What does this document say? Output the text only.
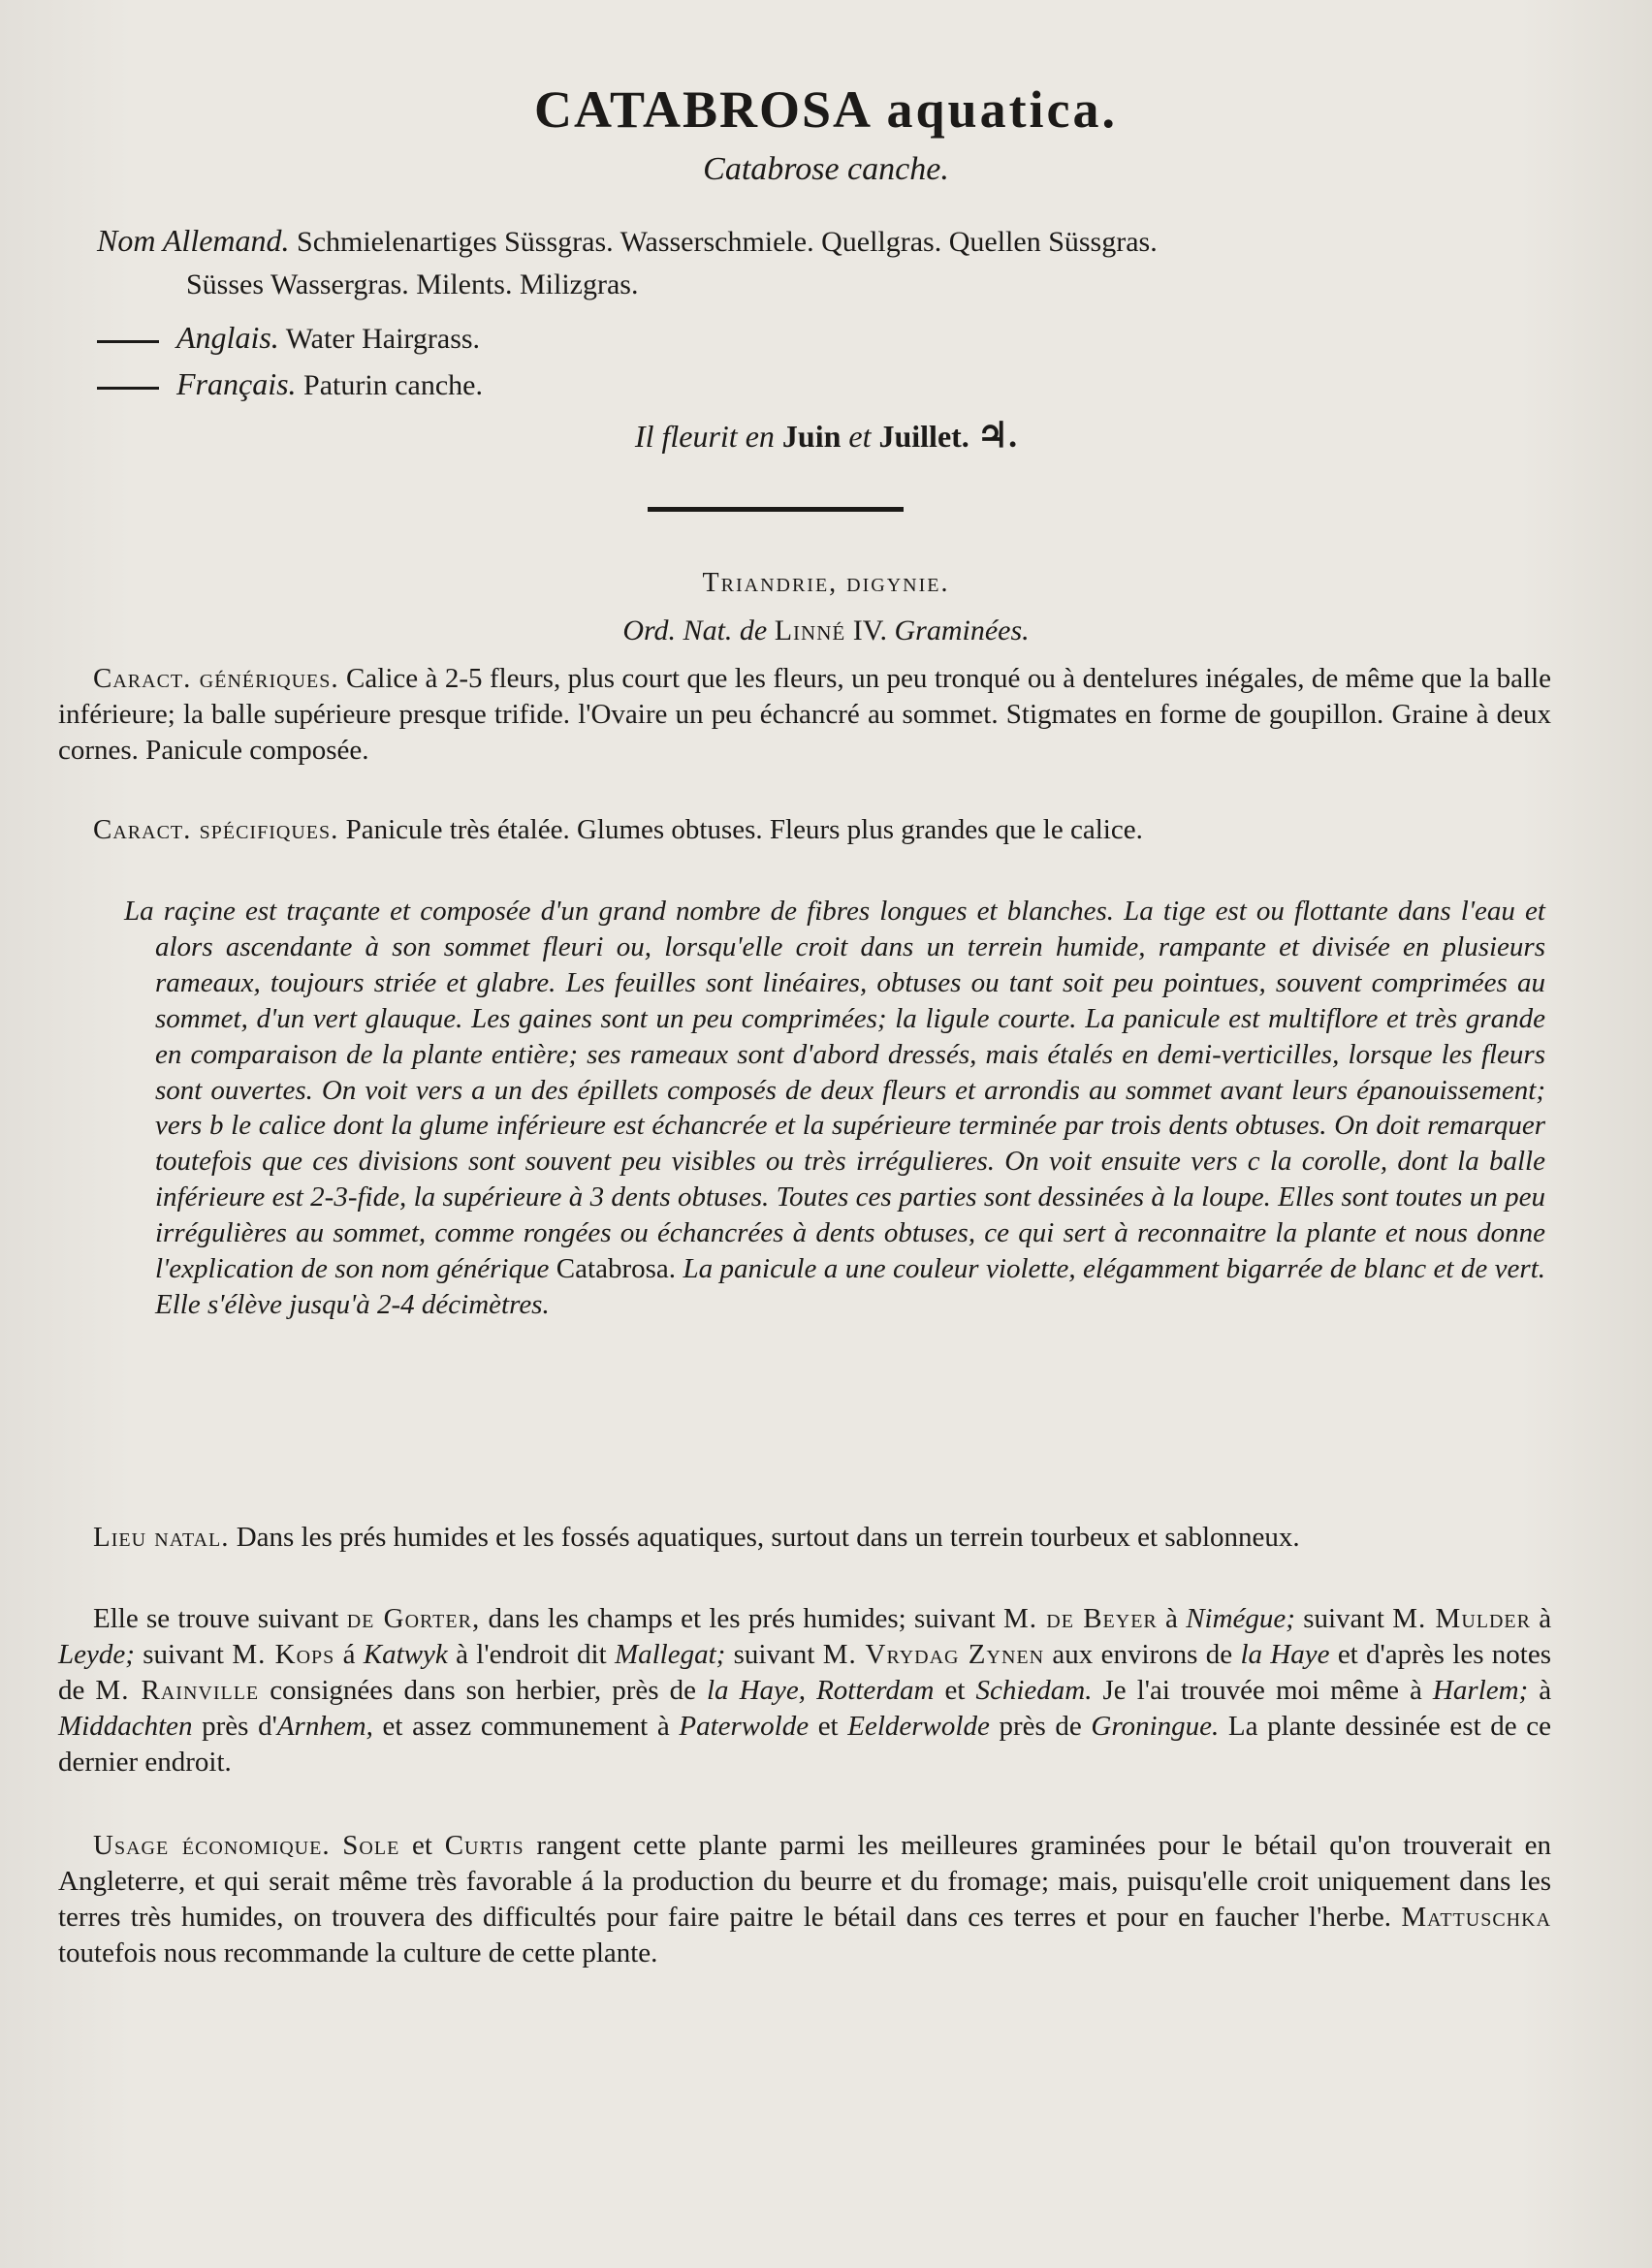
CATABROSA aquatica.
Catabrose canche.
Nom Allemand. Schmielenartiges Süssgras. Wasserschmiele. Quellgras. Quellen Süssgras.
Süsses Wassergras. Milents. Milizgras.
Anglais. Water Hairgrass.
Français. Paturin canche.
Il fleurit en Juin et Juillet. ♃.
Triandrie, digynie.
Ord. Nat. de Linné IV. Graminées.
Caract. génériques. Calice à 2-5 fleurs, plus court que les fleurs, un peu tronqué ou à dentelures inégales, de même que la balle inférieure; la balle supérieure presque trifide. l'Ovaire un peu échancré au sommet. Stigmates en forme de goupillon. Graine à deux cornes. Panicule composée.
Caract. spécifiques. Panicule très étalée. Glumes obtuses. Fleurs plus grandes que le calice.
La raçine est traçante et composée d'un grand nombre de fibres longues et blanches. La tige est ou flottante dans l'eau et alors ascendante à son sommet fleuri ou, lorsqu'elle croit dans un terrein humide, rampante et divisée en plusieurs rameaux, toujours striée et glabre. Les feuilles sont linéaires, obtuses ou tant soit peu pointues, souvent comprimées au sommet, d'un vert glauque. Les gaines sont un peu comprimées; la ligule courte. La panicule est multiflore et très grande en comparaison de la plante entière; ses rameaux sont d'abord dressés, mais étalés en demi-verticilles, lorsque les fleurs sont ouvertes. On voit vers a un des épillets composés de deux fleurs et arrondis au sommet avant leurs épanouissement; vers b le calice dont la glume inférieure est échancrée et la supérieure terminée par trois dents obtuses. On doit remarquer toutefois que ces divisions sont souvent peu visibles ou très irrégulieres. On voit ensuite vers c la corolle, dont la balle inférieure est 2-3-fide, la supérieure à 3 dents obtuses. Toutes ces parties sont dessinées à la loupe. Elles sont toutes un peu irrégulières au sommet, comme rongées ou échancrées à dents obtuses, ce qui sert à reconnaitre la plante et nous donne l'explication de son nom générique Catabrosa. La panicule a une couleur violette, elégamment bigarrée de blanc et de vert. Elle s'élève jusqu'à 2-4 décimètres.
Lieu natal. Dans les prés humides et les fossés aquatiques, surtout dans un terrein tourbeux et sablonneux.
Elle se trouve suivant de Gorter, dans les champs et les prés humides; suivant M. de Beyer à Nimégue; suivant M. Mulder à Leyde; suivant M. Kops á Katwyk à l'endroit dit Mallegat; suivant M. Vrydag Zynen aux environs de la Haye et d'après les notes de M. Rainville consignées dans son herbier, près de la Haye, Rotterdam et Schiedam. Je l'ai trouvée moi même à Harlem; à Middachten près d'Arnhem, et assez communement à Paterwolde et Eelderwolde près de Groningue. La plante dessinée est de ce dernier endroit.
Usage économique. Sole et Curtis rangent cette plante parmi les meilleures graminées pour le bétail qu'on trouverait en Angleterre, et qui serait même très favorable á la production du beurre et du fromage; mais, puisqu'elle croit uniquement dans les terres très humides, on trouvera des difficultés pour faire paitre le bétail dans ces terres et pour en faucher l'herbe. Mattuschka toutefois nous recommande la culture de cette plante.
